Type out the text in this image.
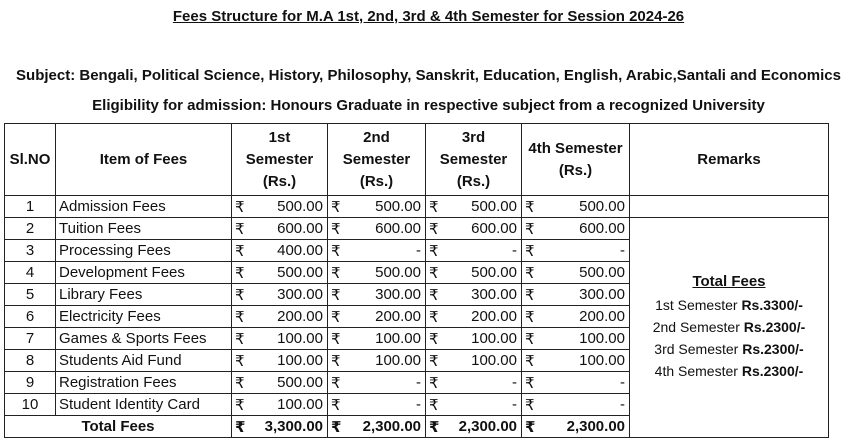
Fees Structure for M.A 1st, 2nd, 3rd & 4th Semester for Session 2024-26
Subject: Bengali, Political Science, History, Philosophy, Sanskrit, Education, English, Arabic,Santali and Economics
Eligibility for admission: Honours Graduate in respective subject from a recognized University
Sl.NO	Item of Fees	1st Semester (Rs.)		2nd Semester (Rs.)		3rd Semester (Rs.)		4th Semester (Rs.)		Remarks
1	Admission Fees	₹	500.00	₹	500.00	₹	500.00	₹	500.00	
2	Tuition Fees	₹	600.00	₹	600.00	₹	600.00	₹	600.00	Total Fees
1st Semester Rs.3300/-
2nd Semester Rs.2300/-
3rd Semester Rs.2300/-
4th Semester Rs.2300/-

3	Processing Fees	₹	400.00	₹	-	₹	-	₹	-	
4	Development Fees	₹	500.00	₹	500.00	₹	500.00	₹	500.00	
5	Library Fees	₹	300.00	₹	300.00	₹	300.00	₹	300.00	
6	Electricity Fees	₹	200.00	₹	200.00	₹	200.00	₹	200.00	
7	Games & Sports Fees	₹	100.00	₹	100.00	₹	100.00	₹	100.00	
8	Students Aid Fund	₹	100.00	₹	100.00	₹	100.00	₹	100.00	
9	Registration Fees	₹	500.00	₹	-	₹	-	₹	-	
10	Student Identity Card	₹	100.00	₹	-	₹	-	₹	-	
Total Fees		₹	3,300.00	₹	2,300.00	₹	2,300.00	₹	2,300.00	
